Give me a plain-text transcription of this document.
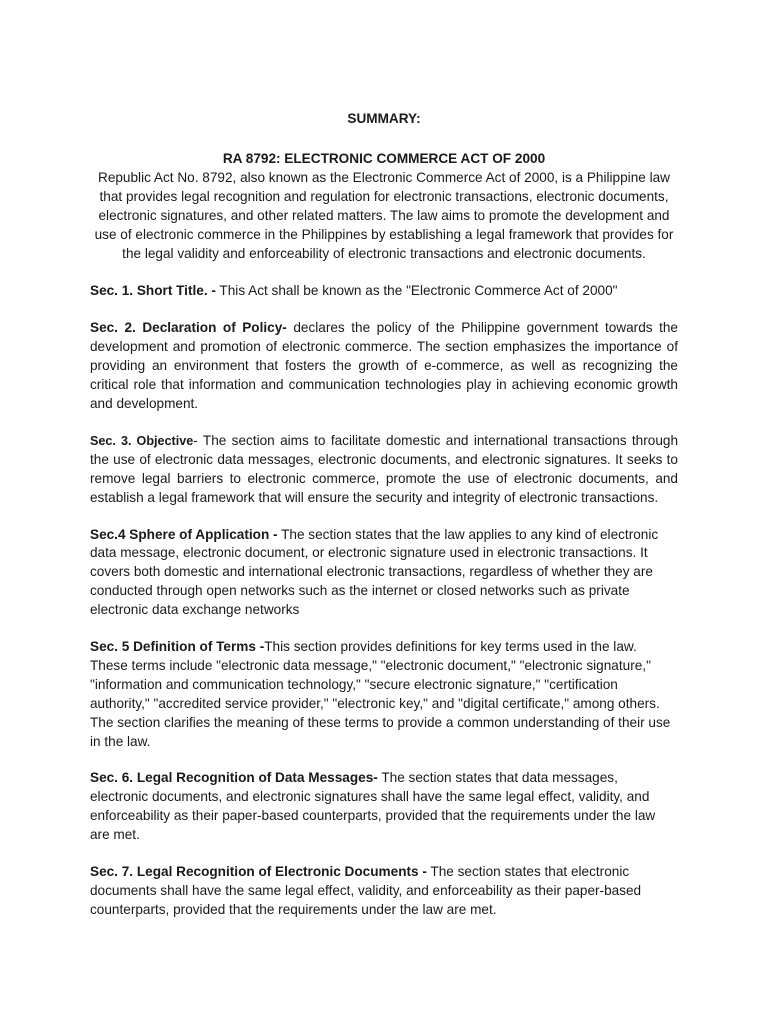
SUMMARY:

RA 8792: ELECTRONIC COMMERCE ACT OF 2000

Republic Act No. 8792, also known as the Electronic Commerce Act of 2000, is a Philippine law that provides legal recognition and regulation for electronic transactions, electronic documents, electronic signatures, and other related matters. The law aims to promote the development and use of electronic commerce in the Philippines by establishing a legal framework that provides for the legal validity and enforceability of electronic transactions and electronic documents.

Sec. 1. Short Title. - This Act shall be known as the "Electronic Commerce Act of 2000"

Sec. 2. Declaration of Policy- declares the policy of the Philippine government towards the development and promotion of electronic commerce. The section emphasizes the importance of providing an environment that fosters the growth of e-commerce, as well as recognizing the critical role that information and communication technologies play in achieving economic growth and development.

Sec. 3. Objective- The section aims to facilitate domestic and international transactions through the use of electronic data messages, electronic documents, and electronic signatures. It seeks to remove legal barriers to electronic commerce, promote the use of electronic documents, and establish a legal framework that will ensure the security and integrity of electronic transactions.

Sec.4 Sphere of Application - The section states that the law applies to any kind of electronic data message, electronic document, or electronic signature used in electronic transactions. It covers both domestic and international electronic transactions, regardless of whether they are conducted through open networks such as the internet or closed networks such as private electronic data exchange networks

Sec. 5 Definition of Terms -This section provides definitions for key terms used in the law. These terms include "electronic data message," "electronic document," "electronic signature," "information and communication technology," "secure electronic signature," "certification authority," "accredited service provider," "electronic key," and "digital certificate," among others. The section clarifies the meaning of these terms to provide a common understanding of their use in the law.

Sec. 6. Legal Recognition of Data Messages- The section states that data messages, electronic documents, and electronic signatures shall have the same legal effect, validity, and enforceability as their paper-based counterparts, provided that the requirements under the law are met.

Sec. 7. Legal Recognition of Electronic Documents - The section states that electronic documents shall have the same legal effect, validity, and enforceability as their paper-based counterparts, provided that the requirements under the law are met.
